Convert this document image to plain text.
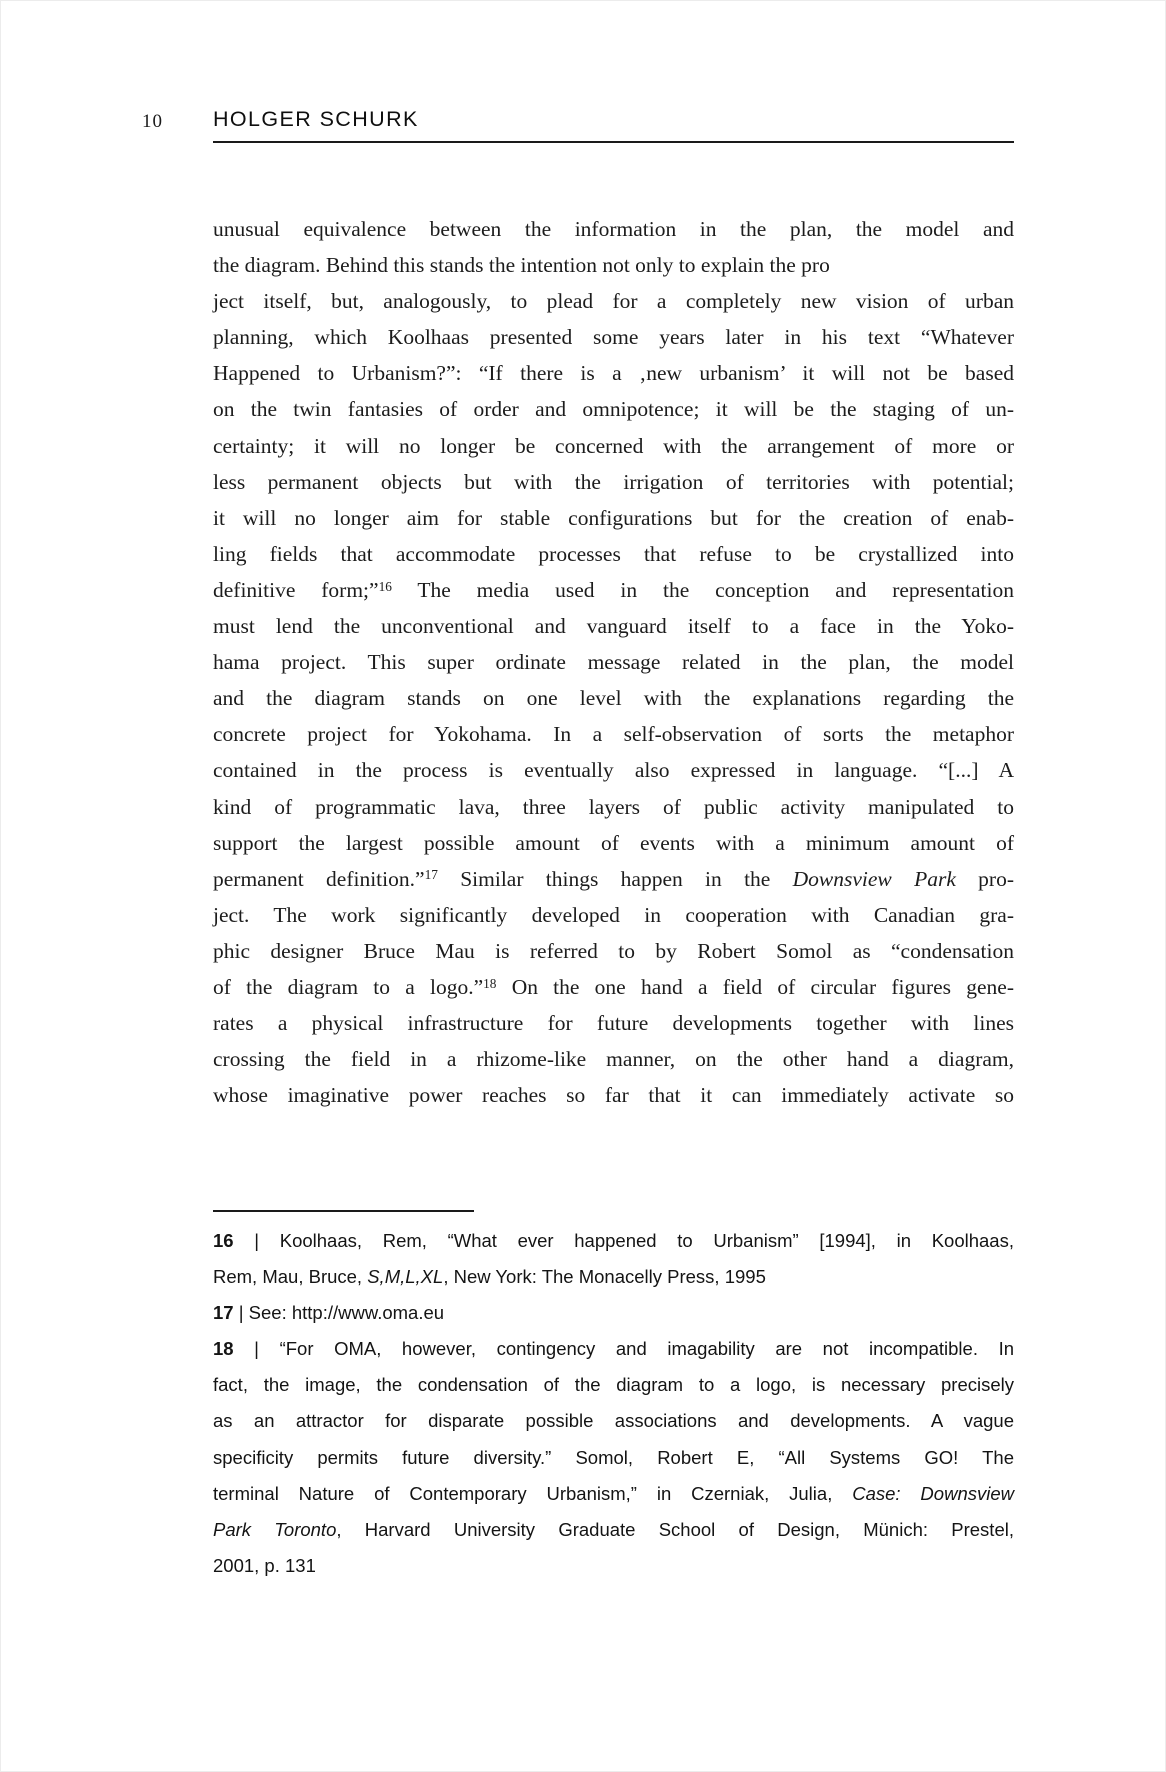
10 HOLGER SCHURK
unusual equivalence between the information in the plan, the model and
the diagram. Behind this stands the intention not only to explain the pro
ject itself, but, analogously, to plead for a completely new vision of urban
planning, which Koolhaas presented some years later in his text “Whatever
Happened to Urbanism?”: “If there is a ‚new urbanism’ it will not be based
on the twin fantasies of order and omnipotence; it will be the staging of un-
certainty; it will no longer be concerned with the arrangement of more or
less permanent objects but with the irrigation of territories with potential;
it will no longer aim for stable configurations but for the creation of enab-
ling fields that accommodate processes that refuse to be crystallized into
definitive form;”$^{16}$ The media used in the conception and representation
must lend the unconventional and vanguard itself to a face in the Yoko-
hama project. This super ordinate message related in the plan, the model
and the diagram stands on one level with the explanations regarding the
concrete project for Yokohama. In a self-observation of sorts the metaphor
contained in the process is eventually also expressed in language. “[...] A
kind of programmatic lava, three layers of public activity manipulated to
support the largest possible amount of events with a minimum amount of
permanent definition.”$^{17}$ Similar things happen in the Downsview Park pro-
ject. The work significantly developed in cooperation with Canadian gra-
phic designer Bruce Mau is referred to by Robert Somol as “condensation
of the diagram to a logo.”$^{18}$ On the one hand a field of circular figures gene-
rates a physical infrastructure for future developments together with lines
crossing the field in a rhizome-like manner, on the other hand a diagram,
whose imaginative power reaches so far that it can immediately activate so
16 | Koolhaas, Rem, “What ever happened to Urbanism” [1994], in Koolhaas,
Rem, Mau, Bruce, S,M,L,XL, New York: The Monacelly Press, 1995
17 | See: http://www.oma.eu
18 | “For OMA, however, contingency and imagability are not incompatible. In
fact, the image, the condensation of the diagram to a logo, is necessary precisely
as an attractor for disparate possible associations and developments. A vague
specificity permits future diversity.” Somol, Robert E, “All Systems GO! The
terminal Nature of Contemporary Urbanism,” in Czerniak, Julia, Case: Downsview
Park Toronto, Harvard University Graduate School of Design, Münich: Prestel,
2001, p. 131
